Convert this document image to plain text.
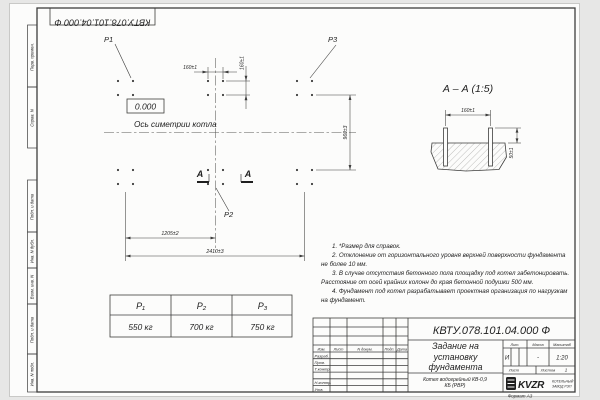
КВТУ.078.101.04.000 Ф
Перв. примен.
Справ. N
Подп. и дата
Инв. N дубл.
Взам. инв. N
Подп. и дата
Инв. N подл.
P1	P3
P2
0.000
Ось симетрии котла
160±1	160±1
960±3
1205±2
2410±3
A	A
А – А (1:5)
160±1
50±1
P₁	P₂	P₃
550 кг	700 кг	750 кг	КВТУ.078.101.04.000 Ф
Изм. Лист	N докум.	Подп. Дата
Разраб.
Пров.
Т.контр.
Н.контр.
Утв.
Лит.	Масса	Масштаб
И	-	1:20
Лист	Листов 1
KVZR	КОТЕЛЬНЫЙ
ЗАВОД РЭП
Формат А3

1. *Размер для справок.

2. Отклонение от горизонтального уровня верхней поверхности фундамента не более 10 мм.

3. В случае отсутствия бетонного пола площадку под котел забетонировать. Расстояние от осей крайних колонн до края бетонной подушки 500 мм.

4. Фундамент под котел разрабатывает проектная организация по нагрузкам на фундамент.

Задание на установку фундамента
Котел водогрейный КВ-0,9 КБ (РВР)
